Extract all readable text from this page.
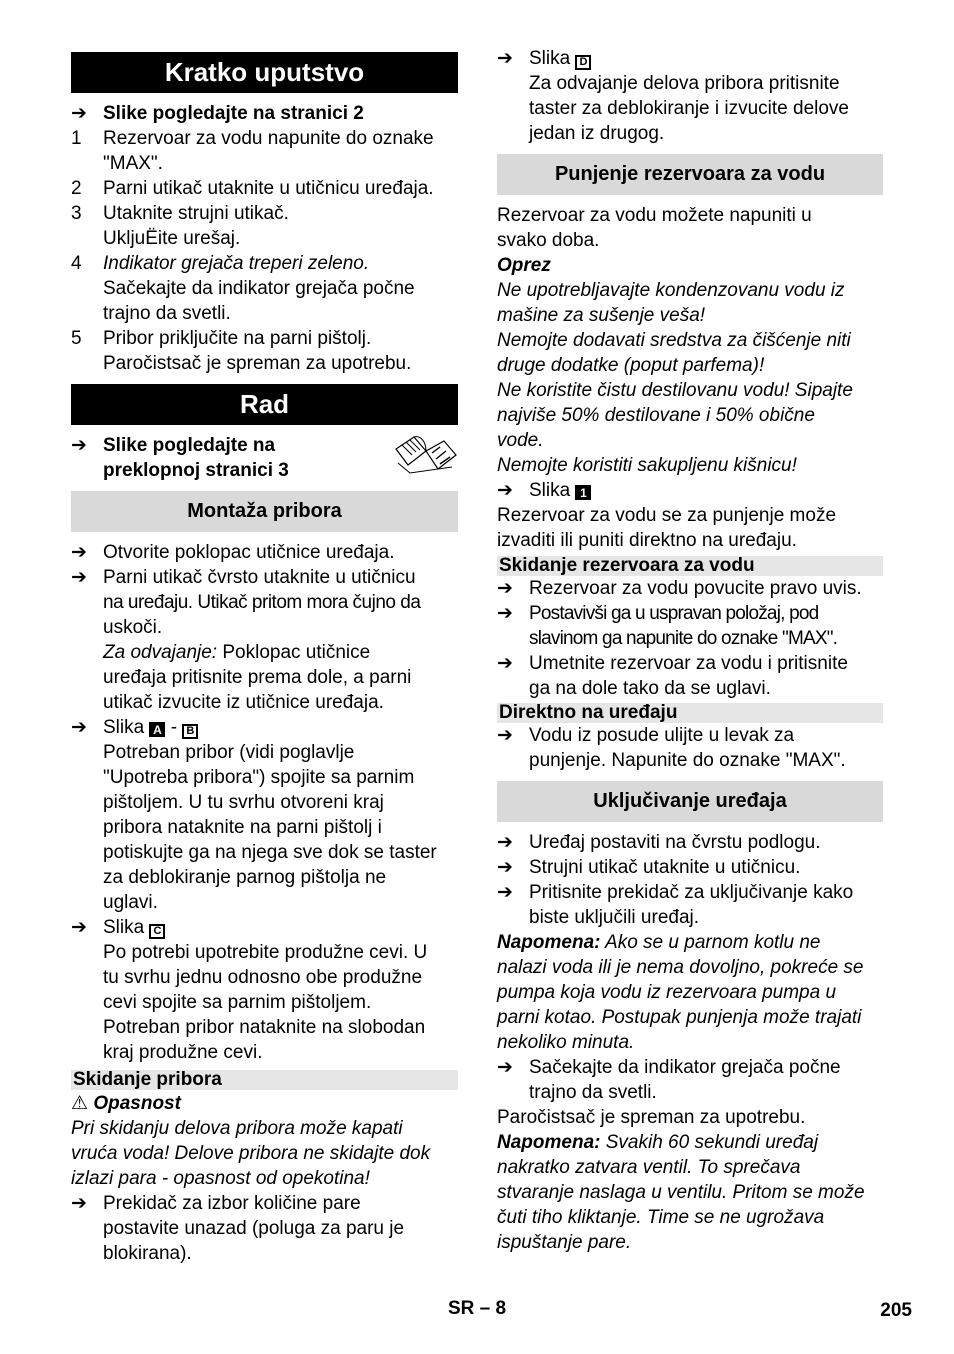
Kratko uputstvo
➔ Slike pogledajte na stranici 2
1	Rezervoar za vodu napunite do oznake
"MAX".
2	Parni utikač utaknite u utičnicu uređaja.
3	Utaknite strujni utikač.
UkljuËite urešaj.
4	Indikator grejača treperi zeleno.
Sačekajte da indikator grejača počne
trajno da svetli.
5	Pribor priključite na parni pištolj.
Paročistsač je spreman za upotrebu.
Rad
➔ Slike pogledajte na
preklopnoj stranici 3
Montaža pribora
➔ Otvorite poklopac utičnice uređaja.
➔ Parni utikač čvrsto utaknite u utičnicu
na uređaju. Utikač pritom mora čujno da
uskoči.
Za odvajanje: Poklopac utičnice
uređaja pritisnite prema dole, a parni
utikač izvucite iz utičnice uređaja.
➔ Slika A - B
Potreban pribor (vidi poglavlje
"Upotreba pribora") spojite sa parnim
pištoljem. U tu svrhu otvoreni kraj
pribora nataknite na parni pištolj i
potiskujte ga na njega sve dok se taster
za deblokiranje parnog pištolja ne
uglavi.
➔ Slika C
Po potrebi upotrebite produžne cevi. U
tu svrhu jednu odnosno obe produžne
cevi spojite sa parnim pištoljem.
Potreban pribor nataknite na slobodan
kraj produžne cevi.
Skidanje pribora
⚠ Opasnost
Pri skidanju delova pribora može kapati
vruća voda! Delove pribora ne skidajte dok
izlazi para - opasnost od opekotina!
➔ Prekidač za izbor količine pare
postavite unazad (poluga za paru je
blokirana).
➔ Slika D
Za odvajanje delova pribora pritisnite
taster za deblokiranje i izvucite delove
jedan iz drugog.
Punjenje rezervoara za vodu
Rezervoar za vodu možete napuniti u
svako doba.
Oprez
Ne upotrebljavajte kondenzovanu vodu iz
mašine za sušenje veša!
Nemojte dodavati sredstva za čišćenje niti
druge dodatke (poput parfema)!
Ne koristite čistu destilovanu vodu! Sipajte
najviše 50% destilovane i 50% obične
vode.
Nemojte koristiti sakupljenu kišnicu!
➔ Slika 1
Rezervoar za vodu se za punjenje može
izvaditi ili puniti direktno na uređaju.
Skidanje rezervoara za vodu
➔ Rezervoar za vodu povucite pravo uvis.
➔ Postavivši ga u uspravan položaj, pod
slavinom ga napunite do oznake "MAX".
➔ Umetnite rezervoar za vodu i pritisnite
ga na dole tako da se uglavi.
Direktno na uređaju
➔ Vodu iz posude ulijte u levak za
punjenje. Napunite do oznake "MAX".
Uključivanje uređaja
➔ Uređaj postaviti na čvrstu podlogu.
➔ Strujni utikač utaknite u utičnicu.
➔ Pritisnite prekidač za uključivanje kako
biste uključili uređaj.
Napomena: Ako se u parnom kotlu ne
nalazi voda ili je nema dovoljno, pokreće se
pumpa koja vodu iz rezervoara pumpa u
parni kotao. Postupak punjenja može trajati
nekoliko minuta.
➔ Sačekajte da indikator grejača počne
trajno da svetli.
Paročistsač je spreman za upotrebu.
Napomena: Svakih 60 sekundi uređaj
nakratko zatvara ventil. To sprečava
stvaranje naslaga u ventilu. Pritom se može
čuti tiho kliktanje. Time se ne ugrožava
ispuštanje pare.
SR – 8	205
